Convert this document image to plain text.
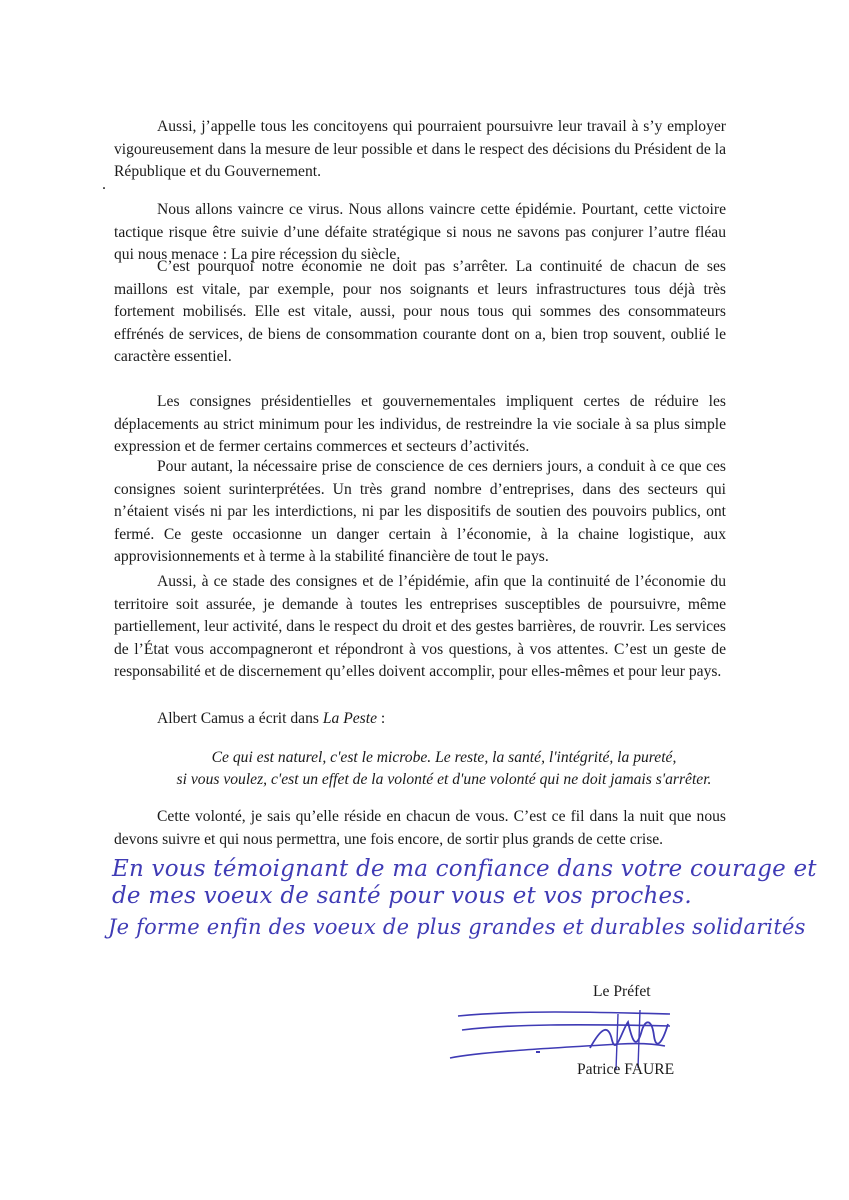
Aussi, j’appelle tous les concitoyens qui pourraient poursuivre leur travail à s’y employer vigoureusement dans la mesure de leur possible et dans le respect des décisions du Président de la République et du Gouvernement.

.

Nous allons vaincre ce virus. Nous allons vaincre cette épidémie. Pourtant, cette victoire tactique risque être suivie d’une défaite stratégique si nous ne savons pas conjurer l’autre fléau qui nous menace : La pire récession du siècle.

C’est pourquoi notre économie ne doit pas s’arrêter. La continuité de chacun de ses maillons est vitale, par exemple, pour nos soignants et leurs infrastructures tous déjà très fortement mobilisés. Elle est vitale, aussi, pour nous tous qui sommes des consommateurs effrénés de services, de biens de consommation courante dont on a, bien trop souvent, oublié le caractère essentiel.

Les consignes présidentielles et gouvernementales impliquent certes de réduire les déplacements au strict minimum pour les individus, de restreindre la vie sociale à sa plus simple expression et de fermer certains commerces et secteurs d’activités.

Pour autant, la nécessaire prise de conscience de ces derniers jours, a conduit à ce que ces consignes soient surinterprétées. Un très grand nombre d’entreprises, dans des secteurs qui n’étaient visés ni par les interdictions, ni par les dispositifs de soutien des pouvoirs publics, ont fermé. Ce geste occasionne un danger certain à l’économie, à la chaine logistique, aux approvisionnements et à terme à la stabilité financière de tout le pays.

Aussi, à ce stade des consignes et de l’épidémie, afin que la continuité de l’économie du territoire soit assurée, je demande à toutes les entreprises susceptibles de poursuivre, même partiellement, leur activité, dans le respect du droit et des gestes barrières, de rouvrir. Les services de l’État vous accompagneront et répondront à vos questions, à vos attentes. C’est un geste de responsabilité et de discernement qu’elles doivent accomplir, pour elles-mêmes et pour leur pays.

Albert Camus a écrit dans La Peste :

Ce qui est naturel, c'est le microbe. Le reste, la santé, l'intégrité, la pureté,

si vous voulez, c'est un effet de la volonté et d'une volonté qui ne doit jamais s'arrêter.

Cette volonté, je sais qu’elle réside en chacun de vous. C’est ce fil dans la nuit que nous devons suivre et qui nous permettra, une fois encore, de sortir plus grands de cette crise.

En vous témoignant de ma confiance dans votre courage et

de mes voeux de santé pour vous et vos proches.

Je forme enfin des voeux de plus grandes et durables solidarités

Le Préfet
Patrice FAURE
